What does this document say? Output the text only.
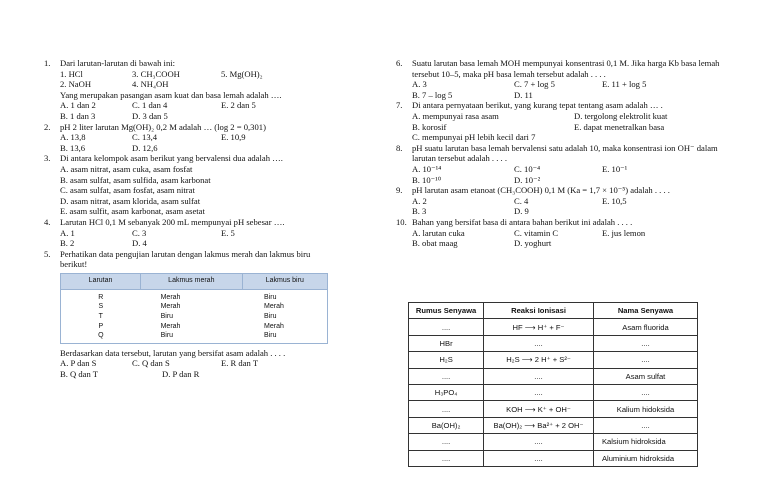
1. Dari larutan-larutan di bawah ini:
1. HCl	3. CH₃COOH	5. Mg(OH)₂
2. NaOH	4. NH₄OH
Yang merupakan pasangan asam kuat dan basa lemah adalah ….
A. 1 dan 2	C. 1 dan 4	E. 2 dan 5
B. 1 dan 3	D. 3 dan 5
2. pH 2 liter larutan Mg(OH)₂ 0,2 M adalah … (log 2 = 0,301)
A. 13,8	C. 13,4	E. 10,9
B. 13,6	D. 12,6
3. Di antara kelompok asam berikut yang bervalensi dua adalah ….
A. asam nitrat, asam cuka, asam fosfat
B. asam sulfat, asam sulfida, asam karbonat
C. asam sulfat, asam fosfat, asam nitrat
D. asam nitrat, asam klorida, asam sulfat
E. asam sulfit, asam karbonat, asam asetat
4. Larutan HCl 0,1 M sebanyak 200 mL mempunyai pH sebesar ….
A. 1	C. 3	E. 5
B. 2	D. 4
5. Perhatikan data pengujian larutan dengan lakmus merah dan lakmus biru berikut!
Larutan	Lakmus merah	Lakmus biru
R	Merah	Biru
S	Merah	Merah
T	Biru	Biru
P	Merah	Merah
Q	Biru	Biru
Berdasarkan data tersebut, larutan yang bersifat asam adalah . . . .
A. P dan S	C. Q dan S	E. R dan T
B. Q dan T	D. P dan R
6. Suatu larutan basa lemah MOH mempunyai konsentrasi 0,1 M. Jika harga Kb basa lemah tersebut 10–5, maka pH basa lemah tersebut adalah . . . .
A. 3	C. 7 + log 5	E. 11 + log 5
B. 7 – log 5	D. 11
7. Di antara pernyataan berikut, yang kurang tepat tentang asam adalah … .
A. mempunyai rasa asam	D. tergolong elektrolit kuat
B. korosif	E. dapat menetralkan basa
C. mempunyai pH lebih kecil dari 7
8. pH suatu larutan basa lemah bervalensi satu adalah 10, maka konsentrasi ion OH⁻ dalam larutan tersebut adalah . . . .
A. 10⁻¹⁴	C. 10⁻⁴	E. 10⁻¹
B. 10⁻¹⁰	D. 10⁻²
9. pH larutan asam etanoat (CH₃COOH) 0,1 M (Ka = 1,7 × 10⁻⁵) adalah . . . .
A. 2	C. 4	E. 10,5
B. 3	D. 9
10. Bahan yang bersifat basa di antara bahan berikut ini adalah . . . .
A. larutan cuka	C. vitamin C	E. jus lemon
B. obat maag	D. yoghurt
Rumus Senyawa	Reaksi Ionisasi	Nama Senyawa
....	HF ⟶ H⁺ + F⁻	Asam fluorida
HBr	....	....
H₂S	H₂S ⟶ 2 H⁺ + S²⁻	....
....	....	Asam sulfat
H₃PO₄	....	....
....	KOH ⟶ K⁺ + OH⁻	Kalium hidoksida
Ba(OH)₂	Ba(OH)₂ ⟶ Ba²⁺ + 2 OH⁻	....
....	....	Kalsium hidroksida
....	....	Aluminium hidroksida
